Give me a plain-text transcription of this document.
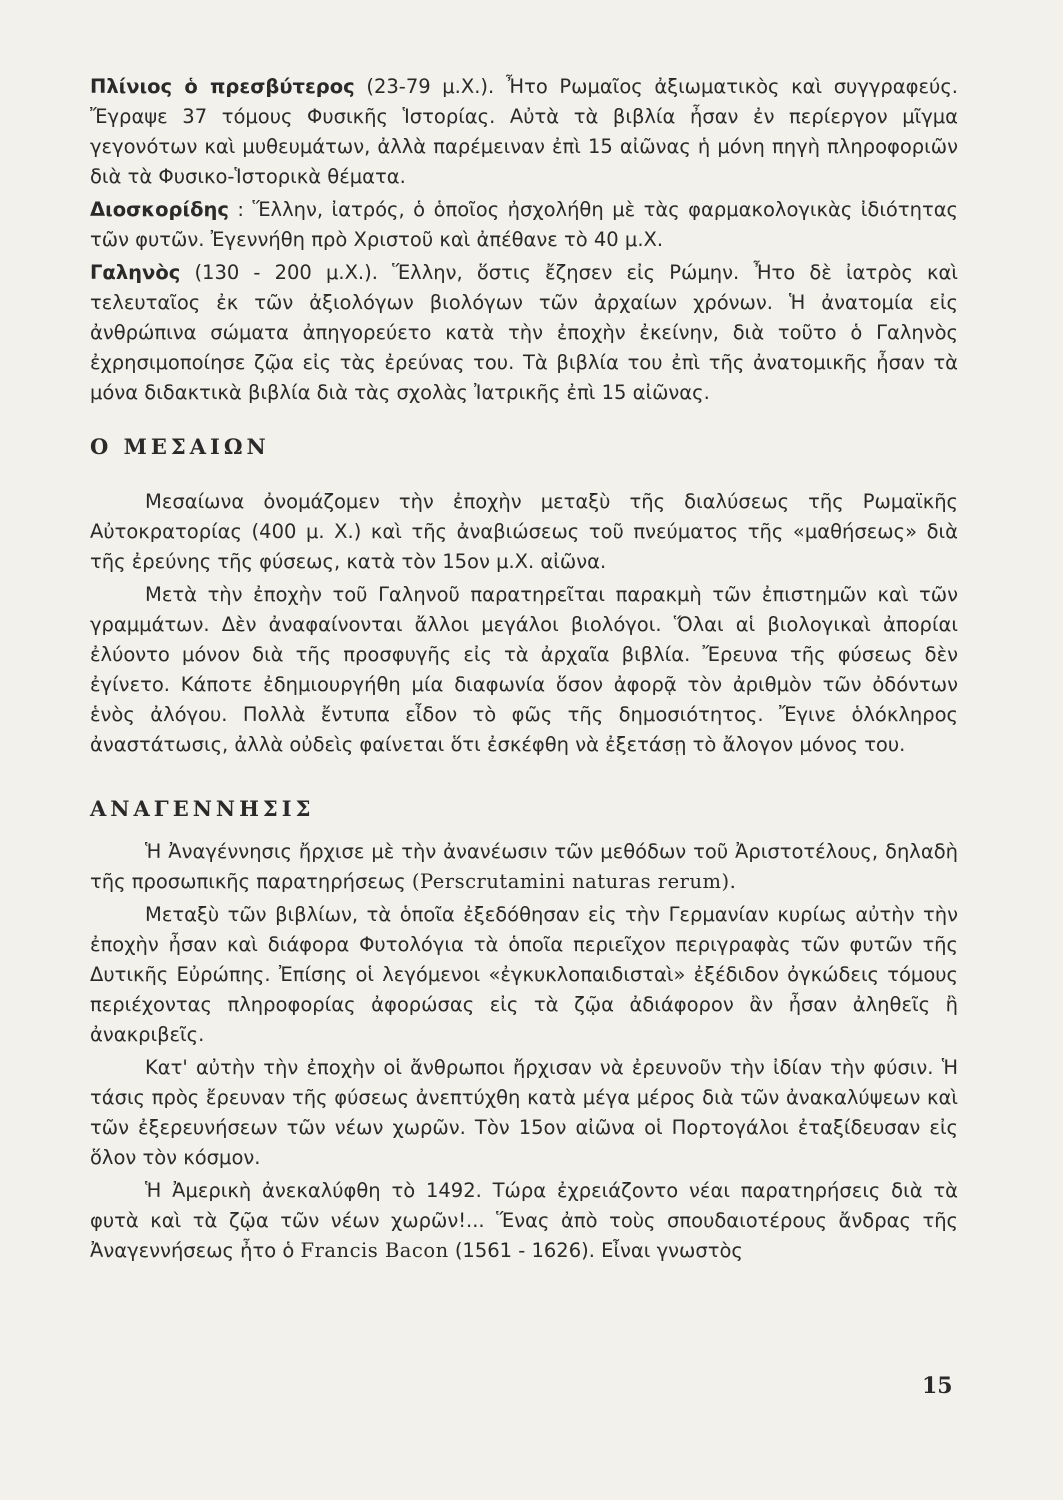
Πλίνιος ὁ πρεσβύτερος (23-79 μ.Χ.). Ἦτο Ρωμαῖος ἀξιωματικὸς καὶ συγγραφεύς. Ἔγραψε 37 τόμους Φυσικῆς Ἱστορίας. Αὐτὰ τὰ βιβλία ἦσαν ἐν περίεργον μῖγμα γεγονότων καὶ μυθευμάτων, ἀλλὰ παρέμειναν ἐπὶ 15 αἰῶνας ἡ μόνη πηγὴ πληροφοριῶν διὰ τὰ Φυσικο-Ἱστορικὰ θέματα.

Διοσκορίδης : Ἕλλην, ἰατρός, ὁ ὁποῖος ἠσχολήθη μὲ τὰς φαρμακολογικὰς ἰδιότητας τῶν φυτῶν. Ἐγεννήθη πρὸ Χριστοῦ καὶ ἀπέθανε τὸ 40 μ.Χ.

Γαληνὸς (130 - 200 μ.Χ.). Ἕλλην, ὅστις ἔζησεν εἰς Ρώμην. Ἦτο δὲ ἰατρὸς καὶ τελευταῖος ἐκ τῶν ἀξιολόγων βιολόγων τῶν ἀρχαίων χρόνων. Ἡ ἀνατομία εἰς ἀνθρώπινα σώματα ἀπηγορεύετο κατὰ τὴν ἐποχὴν ἐκείνην, διὰ τοῦτο ὁ Γαληνὸς ἐχρησιμοποίησε ζῷα εἰς τὰς ἐρεύνας του. Τὰ βιβλία του ἐπὶ τῆς ἀνατομικῆς ἦσαν τὰ μόνα διδακτικὰ βιβλία διὰ τὰς σχολὰς Ἰατρικῆς ἐπὶ 15 αἰῶνας.

Ο ΜΕΣΑΙΩΝ

Μεσαίωνα ὀνομάζομεν τὴν ἐποχὴν μεταξὺ τῆς διαλύσεως τῆς Ρωμαϊκῆς Αὐτοκρατορίας (400 μ. Χ.) καὶ τῆς ἀναβιώσεως τοῦ πνεύματος τῆς «μαθήσεως» διὰ τῆς ἐρεύνης τῆς φύσεως, κατὰ τὸν 15ον μ.Χ. αἰῶνα.

Μετὰ τὴν ἐποχὴν τοῦ Γαληνοῦ παρατηρεῖται παρακμὴ τῶν ἐπιστημῶν καὶ τῶν γραμμάτων. Δὲν ἀναφαίνονται ἄλλοι μεγάλοι βιολόγοι. Ὅλαι αἱ βιολογικαὶ ἀπορίαι ἐλύοντο μόνον διὰ τῆς προσφυγῆς εἰς τὰ ἀρχαῖα βιβλία. Ἔρευνα τῆς φύσεως δὲν ἐγίνετο. Κάποτε ἐδημιουργήθη μία διαφωνία ὅσον ἀφορᾷ τὸν ἀριθμὸν τῶν ὀδόντων ἑνὸς ἀλόγου. Πολλὰ ἔντυπα εἶδον τὸ φῶς τῆς δημοσιότητος. Ἔγινε ὁλόκληρος ἀναστάτωσις, ἀλλὰ οὐδεὶς φαίνεται ὅτι ἐσκέφθη νὰ ἐξετάσῃ τὸ ἄλογον μόνος του.

ΑΝΑΓΕΝΝΗΣΙΣ

Ἡ Ἀναγέννησις ἤρχισε μὲ τὴν ἀνανέωσιν τῶν μεθόδων τοῦ Ἀριστοτέλους, δηλαδὴ τῆς προσωπικῆς παρατηρήσεως (Perscrutamini naturas rerum).

Μεταξὺ τῶν βιβλίων, τὰ ὁποῖα ἐξεδόθησαν εἰς τὴν Γερμανίαν κυρίως αὐτὴν τὴν ἐποχὴν ἦσαν καὶ διάφορα Φυτολόγια τὰ ὁποῖα περιεῖχον περιγραφὰς τῶν φυτῶν τῆς Δυτικῆς Εὐρώπης. Ἐπίσης οἱ λεγόμενοι «ἐγκυκλοπαιδισταὶ» ἐξέδιδον ὀγκώδεις τόμους περιέχοντας πληροφορίας ἀφορώσας εἰς τὰ ζῷα ἀδιάφορον ἂν ἦσαν ἀληθεῖς ἢ ἀνακριβεῖς.

Κατ' αὐτὴν τὴν ἐποχὴν οἱ ἄνθρωποι ἤρχισαν νὰ ἐρευνοῦν τὴν ἰδίαν τὴν φύσιν. Ἡ τάσις πρὸς ἔρευναν τῆς φύσεως ἀνεπτύχθη κατὰ μέγα μέρος διὰ τῶν ἀνακαλύψεων καὶ τῶν ἐξερευνήσεων τῶν νέων χωρῶν. Τὸν 15ον αἰῶνα οἱ Πορτογάλοι ἐταξίδευσαν εἰς ὅλον τὸν κόσμον.

Ἡ Ἀμερικὴ ἀνεκαλύφθη τὸ 1492. Τώρα ἐχρειάζοντο νέαι παρατηρήσεις διὰ τὰ φυτὰ καὶ τὰ ζῷα τῶν νέων χωρῶν!... Ἕνας ἀπὸ τοὺς σπουδαιοτέρους ἄνδρας τῆς Ἀναγεννήσεως ἦτο ὁ Francis Bacon (1561 - 1626). Εἶναι γνωστὸς

15
